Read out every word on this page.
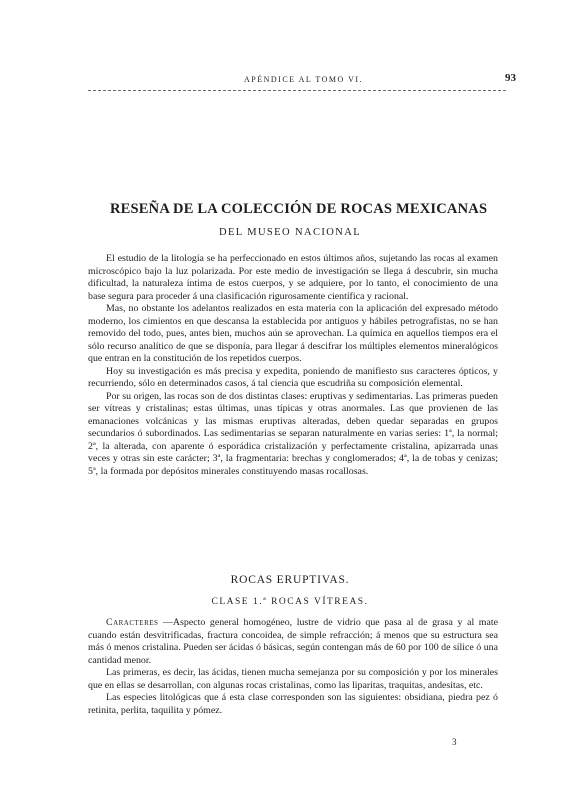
APÉNDICE AL TOMO VI.	93
RESEÑA DE LA COLECCIÓN DE ROCAS MEXICANAS
DEL MUSEO NACIONAL

El estudio de la litología se ha perfeccionado en estos últimos años, sujetando las rocas al examen microscópico bajo la luz polarizada. Por este medio de investigación se llega á descubrir, sin mucha dificultad, la naturaleza íntima de estos cuerpos, y se adquiere, por lo tanto, el conocimiento de una base segura para proceder á una clasificación rigurosamente científica y racional.

Mas, no obstante los adelantos realizados en esta materia con la aplicación del expresado método moderno, los cimientos en que descansa la establecida por antiguos y hábiles petrografistas, no se han removido del todo, pues, antes bien, muchos aún se aprovechan. La química en aquellos tiempos era el sólo recurso analítico de que se disponía, para llegar á descifrar los múltiples elementos mineralógicos que entran en la constitución de los repetidos cuerpos.

Hoy su investigación es más precisa y expedita, poniendo de manifiesto sus caracteres ópticos, y recurriendo, sólo en determinados casos, á tal ciencia que escudriña su composición elemental.

Por su origen, las rocas son de dos distintas clases: eruptivas y sedimentarias. Las primeras pueden ser vítreas y cristalinas; estas últimas, unas típicas y otras anormales. Las que provienen de las emanaciones volcánicas y las mismas eruptivas alteradas, deben quedar separadas en grupos secundarios ó subordinados. Las sedimentarias se separan naturalmente en varias series: 1ª, la normal; 2ª, la alterada, con aparente ó esporádica cristalización y perfectamente cristalina, apizarrada unas veces y otras sin este carácter; 3ª, la fragmentaria: brechas y conglomerados; 4ª, la de tobas y cenizas; 5ª, la formada por depósitos minerales constituyendo masas rocallosas.

ROCAS ERUPTIVAS.
CLASE 1.ª ROCAS VÍTREAS.

Caracteres —Aspecto general homogéneo, lustre de vidrio que pasa al de grasa y al mate cuando están desvitrificadas, fractura concoidea, de simple refracción; á menos que su estructura sea más ó menos cristalina. Pueden ser ácidas ó básicas, según contengan más de 60 por 100 de sílice ó una cantidad menor.

Las primeras, es decir, las ácidas, tienen mucha semejanza por su composición y por los minerales que en ellas se desarrollan, con algunas rocas cristalinas, como las liparitas, traquitas, andesitas, etc.

Las especies litológicas que á esta clase corresponden son las siguientes: obsidiana, piedra pez ó retinita, perlita, taquilita y pómez.

3
